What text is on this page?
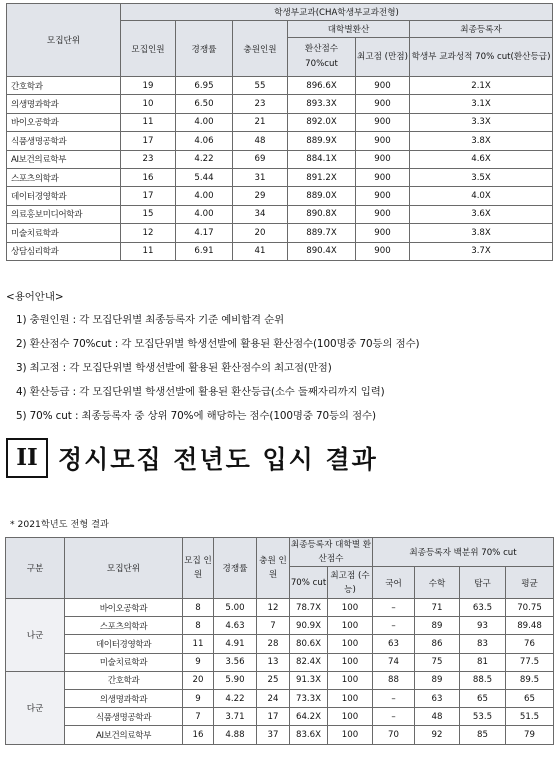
모집단위	학생부교과(CHA학생부교과전형)					
	모집인원	경쟁률	충원인원	대학별환산		최종등록자
				환산점수 70%cut	최고점 (만점)	학생부 교과성적 70% cut(환산등급)
간호학과	19	6.95	55	896.6X	900	2.1X
의생명과학과	10	6.50	23	893.3X	900	3.1X
바이오공학과	11	4.00	21	892.0X	900	3.3X
식품생명공학과	17	4.06	48	889.9X	900	3.8X
AI보건의료학부	23	4.22	69	884.1X	900	4.6X
스포츠의학과	16	5.44	31	891.2X	900	3.5X
데이터경영학과	17	4.00	29	889.0X	900	4.0X
의료홍보미디어학과	15	4.00	34	890.8X	900	3.6X
미술치료학과	12	4.17	20	889.7X	900	3.8X
상담심리학과	11	6.91	41	890.4X	900	3.7X
<용어안내>
1) 충원인원 : 각 모집단위별 최종등록자 기준 예비합격 순위
2) 환산점수 70%cut : 각 모집단위별 학생선발에 활용된 환산점수(100명중 70등의 점수)
3) 최고점 : 각 모집단위별 학생선발에 활용된 환산점수의 최고점(만점)
4) 환산등급 : 각 모집단위별 학생선발에 활용된 환산등급(소수 둘째자리까지 입력)
5) 70% cut : 최종등록자 중 상위 70%에 해당하는 점수(100명중 70등의 점수)
II 정시모집 전년도 입시 결과
* 2021학년도 전형 결과
구분	모집단위	모집 인원	경쟁률	충원 인원	최종등록자 대학별 환산점수		최종등록자 백분위 70% cut			
					70% cut	최고점 (수능)	국어	수학	탐구	평균
나군	바이오공학과	8	5.00	12	78.7X	100	–	71	63.5	70.75
	스포츠의학과	8	4.63	7	90.9X	100	–	89	93	89.48
	데이터경영학과	11	4.91	28	80.6X	100	63	86	83	76
	미술치료학과	9	3.56	13	82.4X	100	74	75	81	77.5
다군	간호학과	20	5.90	25	91.3X	100	88	89	88.5	89.5
	의생명과학과	9	4.22	24	73.3X	100	–	63	65	65
	식품생명공학과	7	3.71	17	64.2X	100	–	48	53.5	51.5
	AI보건의료학부	16	4.88	37	83.6X	100	70	92	85	79
